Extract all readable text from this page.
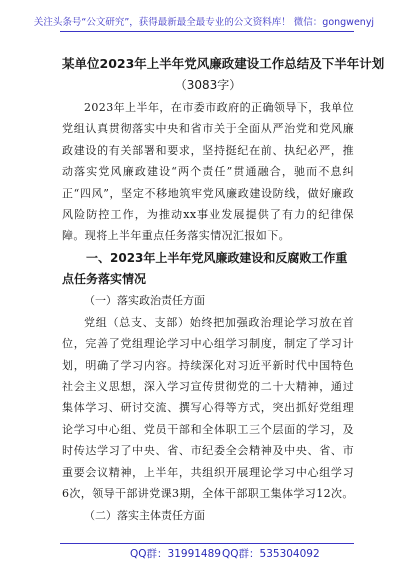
关注头条号“公文研究”，获得最新最全最专业的公文资料库！ 微信：gongwenyj
某单位2023年上半年党风廉政建设工作总结及下半年计划
（3083字）

2023年上半年，在市委市政府的正确领导下，我单位党组认真贯彻落实中央和省市关于全面从严治党和党风廉政建设的有关部署和要求，坚持挺纪在前、执纪必严，推动落实党风廉政建设“两个责任”贯通融合，驰而不息纠正“四风”，坚定不移地筑牢党风廉政建设防线，做好廉政风险防控工作，为推动xx事业发展提供了有力的纪律保障。现将上半年重点任务落实情况汇报如下。

一、2023年上半年党风廉政建设和反腐败工作重点任务落实情况
（一）落实政治责任方面

党组（总支、支部）始终把加强政治理论学习放在首位，完善了党组理论学习中心组学习制度，制定了学习计划，明确了学习内容。持续深化对习近平新时代中国特色社会主义思想，深入学习宣传贯彻党的二十大精神，通过集体学习、研讨交流、撰写心得等方式，突出抓好党组理论学习中心组、党员干部和全体职工三个层面的学习，及时传达学习了中央、省、市纪委全会精神及中央、省、市重要会议精神，上半年，共组织开展理论学习中心组学习6次，领导干部讲党课3期，全体干部职工集体学习12次。

（二）落实主体责任方面
QQ群：31991489 QQ群：535304092
